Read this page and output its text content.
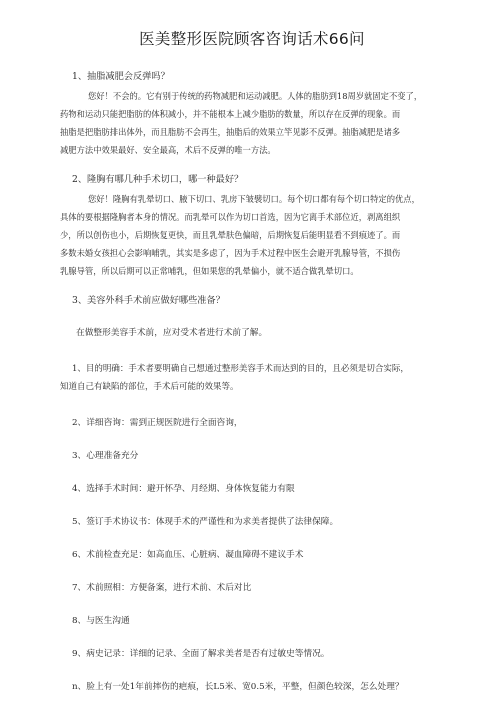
医美整形医院顾客咨询话术66问
1、抽脂减肥会反弹吗？
您好！不会的。它有别于传统的药物减肥和运动减肥。人体的脂肪到18周岁就固定不变了，
药物和运动只能把脂肪的体积减小，并不能根本上减少脂肪的数量，所以存在反弹的现象。而
抽脂是把脂肪排出体外，而且脂肪不会再生，抽脂后的效果立竿见影不反弹。抽脂减肥是诸多
减肥方法中效果最好、安全最高，术后不反弹的唯一方法。
2、隆胸有哪几种手术切口，哪一种最好？
您好！隆胸有乳晕切口、腋下切口、乳房下皱襞切口。每个切口都有每个切口特定的优点，
具体的要根据隆胸者本身的情况。而乳晕可以作为切口首选，因为它离手术部位近，剥离组织
少，所以创伤也小，后期恢复更快，而且乳晕肤色偏暗，后期恢复后能明显看不到痕迹了。而
多数未婚女孩担心会影响哺乳，其实是多虑了，因为手术过程中医生会避开乳腺导管，不损伤
乳腺导管，所以后期可以正常哺乳，但如果您的乳晕偏小，就不适合做乳晕切口。
3、美容外科手术前应做好哪些准备？
在做整形美容手术前，应对受术者进行术前了解。
1、目的明确：手术者要明确自己想通过整形美容手术而达到的目的，且必须是切合实际，
知道自己有缺陷的部位，手术后可能的效果等。
2、详细咨询：需到正规医院进行全面咨询，
3、心理准备充分
4、选择手术时间：避开怀孕、月经期、身体恢复能力有限
5、签订手术协议书：体现手术的严谨性和为求美者提供了法律保障。
6、术前检查充足：如高血压、心脏病、凝血障碍不建议手术
7、术前照相：方便备案，进行术前、术后对比
8、与医生沟通
9、病史记录：详细的记录、全面了解求美者是否有过敏史等情况。
n、脸上有一处1年前摔伤的疤痕，长L5米、宽0.5米，平整，但颜色较深，怎么处理？
